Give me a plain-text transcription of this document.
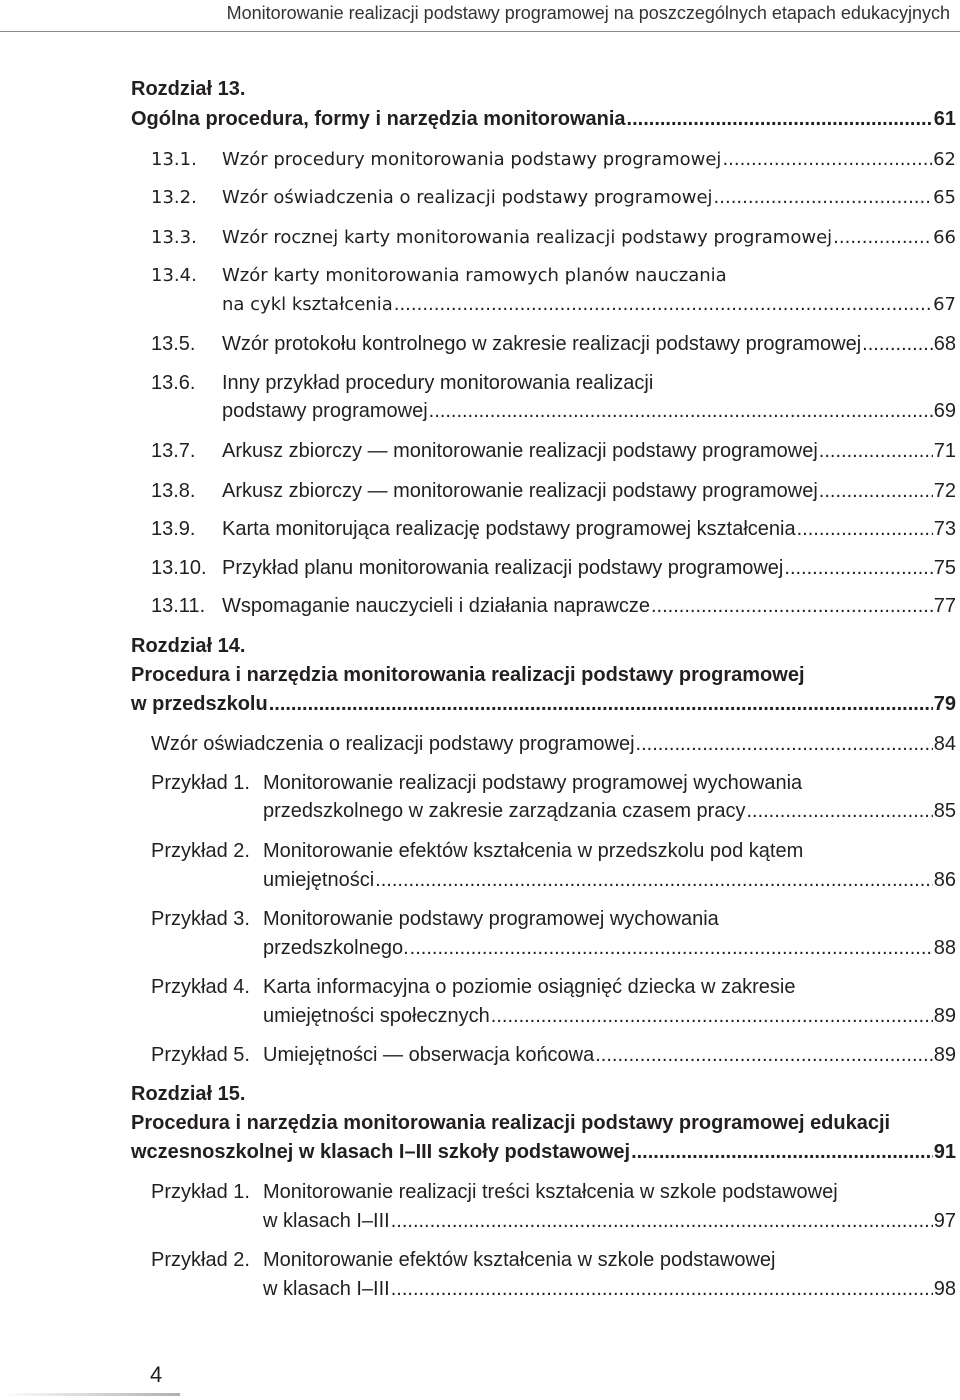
Monitorowanie realizacji podstawy programowej na poszczególnych etapach edukacyjnych
Rozdział 13.
Ogólna procedura, formy i narzędzia monitorowania .....	61
13.1. Wzór procedury monitorowania podstawy programowej .....	62
13.2. Wzór oświadczenia o realizacji podstawy programowej .....	65
13.3. Wzór rocznej karty monitorowania realizacji podstawy programowej .....	66
13.4. Wzór karty monitorowania ramowych planów nauczania
na cykl kształcenia .....	67
13.5. Wzór protokołu kontrolnego w zakresie realizacji podstawy programowej .....	68
13.6. Inny przykład procedury monitorowania realizacji
podstawy programowej .....	69
13.7. Arkusz zbiorczy — monitorowanie realizacji podstawy programowej .....	71
13.8. Arkusz zbiorczy — monitorowanie realizacji podstawy programowej .....	72
13.9. Karta monitorująca realizację podstawy programowej kształcenia .....	73
13.10. Przykład planu monitorowania realizacji podstawy programowej .....	75
13.11. Wspomaganie nauczycieli i działania naprawcze .....	77
Rozdział 14.
Procedura i narzędzia monitorowania realizacji podstawy programowej
w przedszkolu .....	79
Wzór oświadczenia o realizacji podstawy programowej .....	84
Przykład 1. Monitorowanie realizacji podstawy programowej wychowania
przedszkolnego w zakresie zarządzania czasem pracy .....	85
Przykład 2. Monitorowanie efektów kształcenia w przedszkolu pod kątem
umiejętności .....	86
Przykład 3. Monitorowanie podstawy programowej wychowania
przedszkolnego. .....	88
Przykład 4. Karta informacyjna o poziomie osiągnięć dziecka w zakresie
umiejętności społecznych .....	89
Przykład 5. Umiejętności — obserwacja końcowa .....	89
Rozdział 15.
Procedura i narzędzia monitorowania realizacji podstawy programowej edukacji
wczesnoszkolnej w klasach I–III szkoły podstawowej .....	91
Przykład 1. Monitorowanie realizacji treści kształcenia w szkole podstawowej
w klasach I–III .....	97
Przykład 2. Monitorowanie efektów kształcenia w szkole podstawowej
w klasach I–III .....	98
4
